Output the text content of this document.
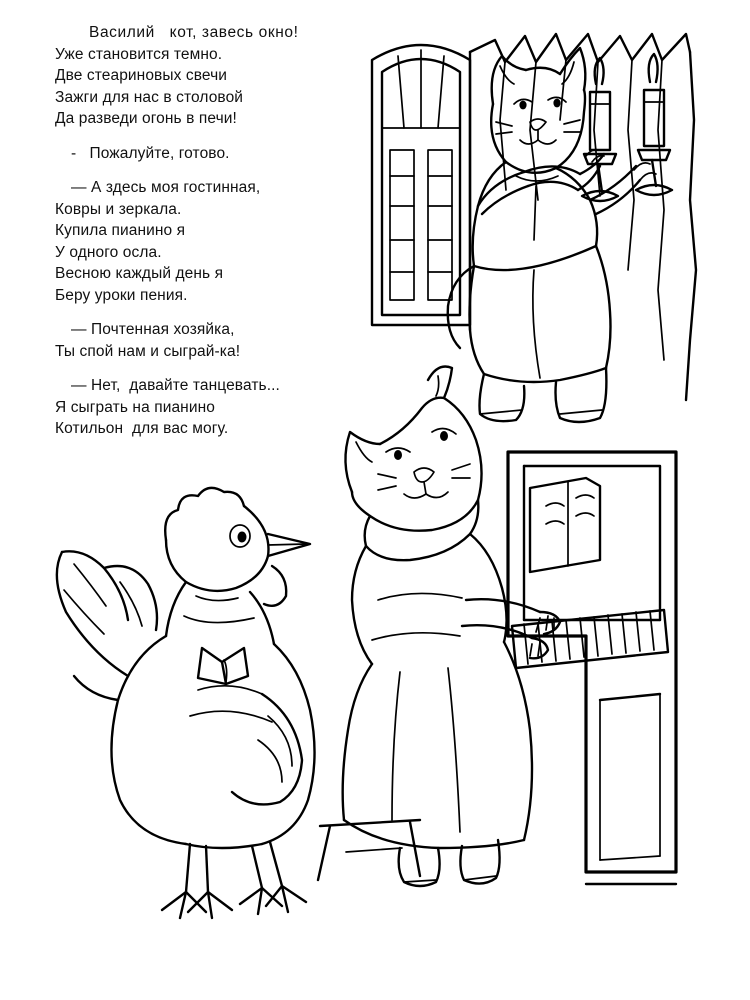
Василий   кот, завесь окно!
Уже становится темно.
Две стеариновых свечи
Зажги для нас в столовой
Да разведи огонь в печи!
-   Пожалуйте, готово.
— А здесь моя гостинная,
Ковры и зеркала.
Купила пианино я
У одного осла.
Весною каждый день я
Беру уроки пения.
— Почтенная хозяйка,
Ты спой нам и сыграй-ка!
— Нет,  давайте танцевать...
Я сыграть на пианино
Котильон  для вас могу.
